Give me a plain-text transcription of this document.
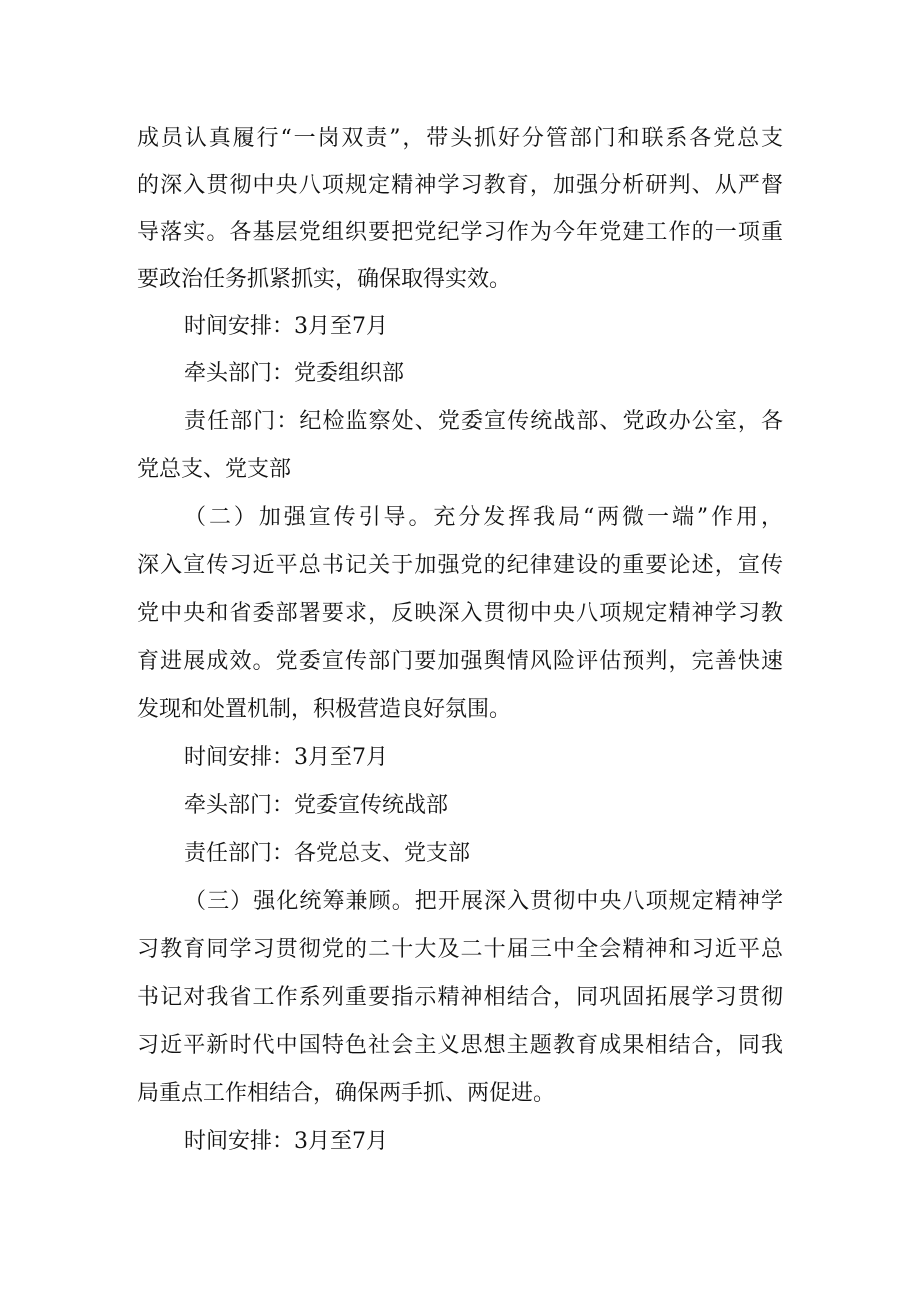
成员认真履行“一岗双责”，带头抓好分管部门和联系各党总支
的深入贯彻中央八项规定精神学习教育，加强分析研判、从严督
导落实。各基层党组织要把党纪学习作为今年党建工作的一项重
要政治任务抓紧抓实，确保取得实效。
时间安排：3月至7月
牵头部门：党委组织部
责任部门：纪检监察处、党委宣传统战部、党政办公室，各
党总支、党支部
（二）加强宣传引导。充分发挥我局“两微一端”作用，
深入宣传习近平总书记关于加强党的纪律建设的重要论述，宣传
党中央和省委部署要求，反映深入贯彻中央八项规定精神学习教
育进展成效。党委宣传部门要加强舆情风险评估预判，完善快速
发现和处置机制，积极营造良好氛围。
时间安排：3月至7月
牵头部门：党委宣传统战部
责任部门：各党总支、党支部
（三）强化统筹兼顾。把开展深入贯彻中央八项规定精神学
习教育同学习贯彻党的二十大及二十届三中全会精神和习近平总
书记对我省工作系列重要指示精神相结合，同巩固拓展学习贯彻
习近平新时代中国特色社会主义思想主题教育成果相结合，同我
局重点工作相结合，确保两手抓、两促进。
时间安排：3月至7月
